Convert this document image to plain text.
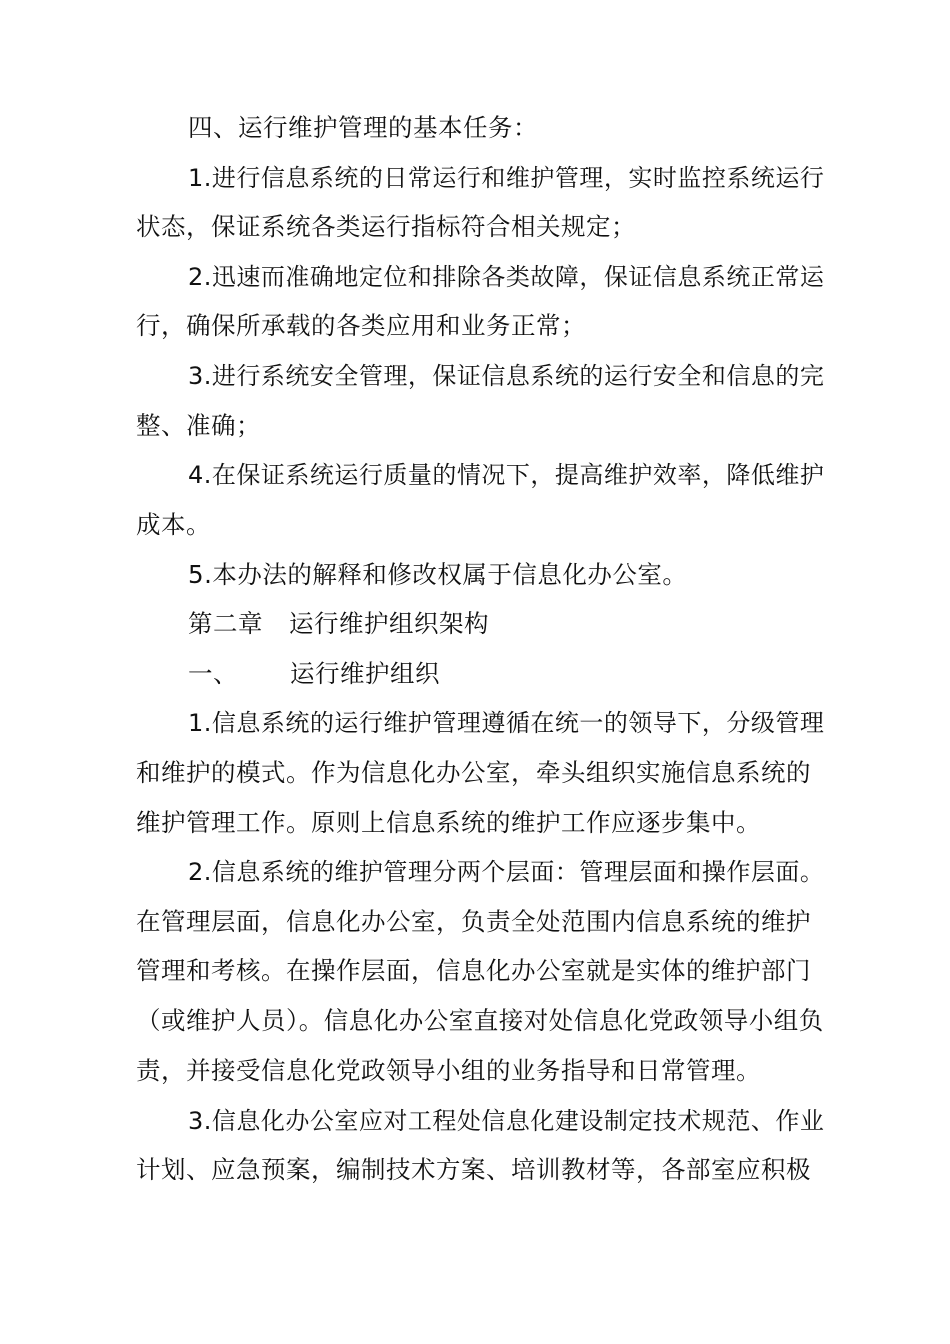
四、运行维护管理的基本任务：
1.进行信息系统的日常运行和维护管理，实时监控系统运行
状态，保证系统各类运行指标符合相关规定；
2.迅速而准确地定位和排除各类故障，保证信息系统正常运
行，确保所承载的各类应用和业务正常；
3.进行系统安全管理，保证信息系统的运行安全和信息的完
整、准确；
4.在保证系统运行质量的情况下，提高维护效率，降低维护
成本。
5.本办法的解释和修改权属于信息化办公室。
第二章 运行维护组织架构
一、 运行维护组织
1.信息系统的运行维护管理遵循在统一的领导下，分级管理
和维护的模式。作为信息化办公室，牵头组织实施信息系统的
维护管理工作。原则上信息系统的维护工作应逐步集中。
2.信息系统的维护管理分两个层面：管理层面和操作层面。
在管理层面，信息化办公室，负责全处范围内信息系统的维护
管理和考核。在操作层面，信息化办公室就是实体的维护部门
（或维护人员）。信息化办公室直接对处信息化党政领导小组负
责，并接受信息化党政领导小组的业务指导和日常管理。
3.信息化办公室应对工程处信息化建设制定技术规范、作业
计划、应急预案，编制技术方案、培训教材等，各部室应积极
